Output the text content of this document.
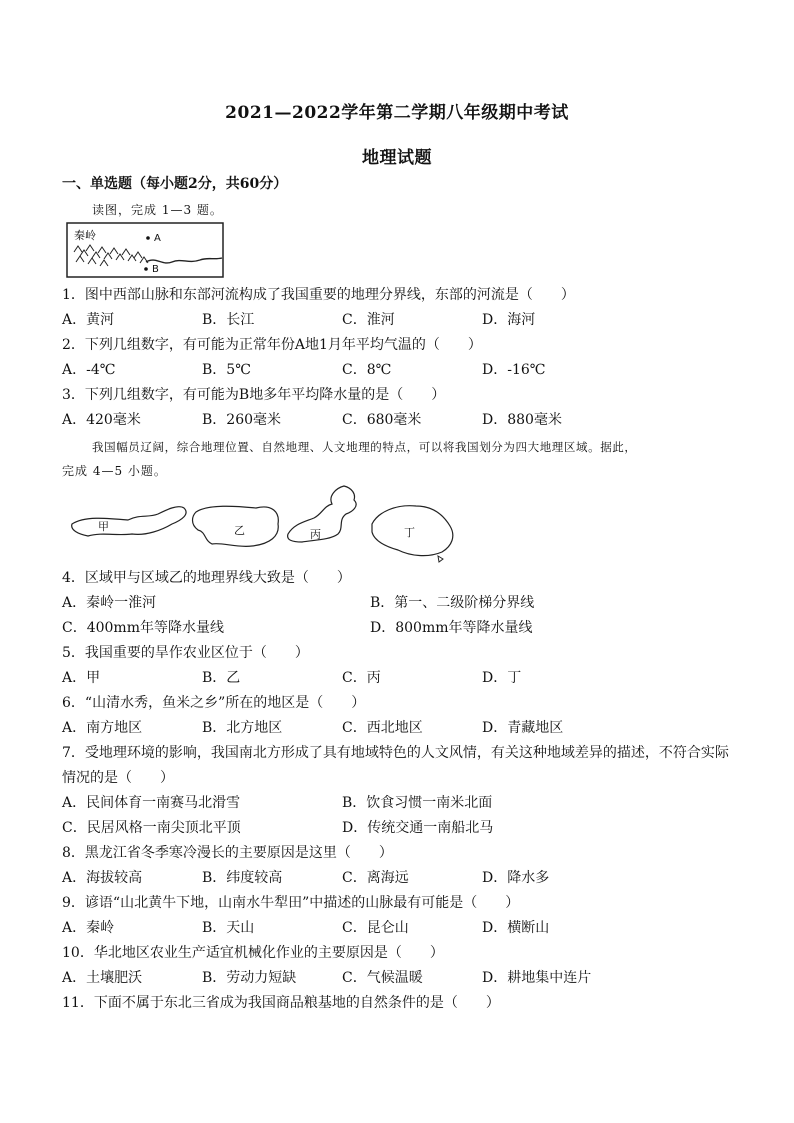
2021—2022学年第二学期八年级期中考试
地理试题
一、单选题（每小题2分，共60分）
读图，完成 1—3 题。
秦岭	A
B
1．图中西部山脉和东部河流构成了我国重要的地理分界线，东部的河流是（　　）
A．黄河	B．长江	C．淮河	D．海河
2．下列几组数字，有可能为正常年份A地1月年平均气温的（　　）
A．-4℃	B．5℃	C．8℃	D．-16℃
3．下列几组数字，有可能为B地多年平均降水量的是（　　）
A．420毫米	B．260毫米	C．680毫米	D．880毫米
我国幅员辽阔，综合地理位置、自然地理、人文地理的特点，可以将我国划分为四大地理区域。据此，
完成 4—5 小题。
甲	乙	丙	丁
4．区域甲与区域乙的地理界线大致是（　　）
A．秦岭一淮河	B．第一、二级阶梯分界线
C．400mm年等降水量线	D．800mm年等降水量线
5．我国重要的旱作农业区位于（　　）
A．甲	B．乙	C．丙	D．丁
6．“山清水秀，鱼米之乡”所在的地区是（　　）
A．南方地区	B．北方地区	C．西北地区	D．青藏地区
7．受地理环境的影响，我国南北方形成了具有地域特色的人文风情，有关这种地域差异的描述，不符合实际
情况的是（　　）
A．民间体育一南赛马北滑雪	B．饮食习惯一南米北面
C．民居风格一南尖顶北平顶	D．传统交通一南船北马
8．黑龙江省冬季寒冷漫长的主要原因是这里（　　）
A．海拔较高	B．纬度较高	C．离海远	D．降水多
9．谚语“山北黄牛下地，山南水牛犁田”中描述的山脉最有可能是（　　）
A．秦岭	B．天山	C．昆仑山	D．横断山
10．华北地区农业生产适宜机械化作业的主要原因是（　　）
A．土壤肥沃	B．劳动力短缺	C．气候温暖	D．耕地集中连片
11．下面不属于东北三省成为我国商品粮基地的自然条件的是（　　）
